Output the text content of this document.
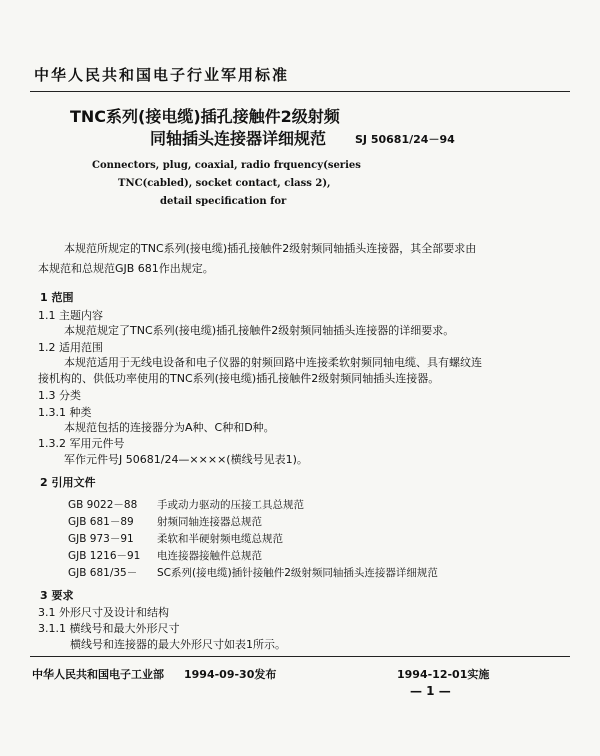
中华人民共和国电子行业军用标准
TNC系列(接电缆)插孔接触件2级射频
同轴插头连接器详细规范	SJ 50681/24－94
Connectors, plug, coaxial, radio frquency(series
TNC(cabled), socket contact, class 2),
detail specification for
本规范所规定的TNC系列(接电缆)插孔接触件2级射频同轴插头连接器，其全部要求由
本规范和总规范GJB 681作出规定。
1 范围
1.1 主题内容
本规范规定了TNC系列(接电缆)插孔接触件2级射频同轴插头连接器的详细要求。
1.2 适用范围
本规范适用于无线电设备和电子仪器的射频回路中连接柔软射频同轴电缆、具有螺纹连
接机构的、供低功率使用的TNC系列(接电缆)插孔接触件2级射频同轴插头连接器。
1.3 分类
1.3.1 种类
本规范包括的连接器分为A种、C种和D种。
1.3.2 军用元件号
军作元件号J 50681/24—××××(横线号见表1)。
2 引用文件
GB 9022－88 手或动力驱动的压接工具总规范
GJB 681－89 射频同轴连接器总规范
GJB 973－91 柔软和半硬射频电缆总规范
GJB 1216－91 电连接器接触件总规范
GJB 681/35－ SC系列(接电缆)插针接触件2级射频同轴插头连接器详细规范
3 要求
3.1 外形尺寸及设计和结构
3.1.1 横线号和最大外形尺寸
横线号和连接器的最大外形尺寸如表1所示。
中华人民共和国电子工业部 1994-09-30发布	1994-12-01实施
— 1 —
